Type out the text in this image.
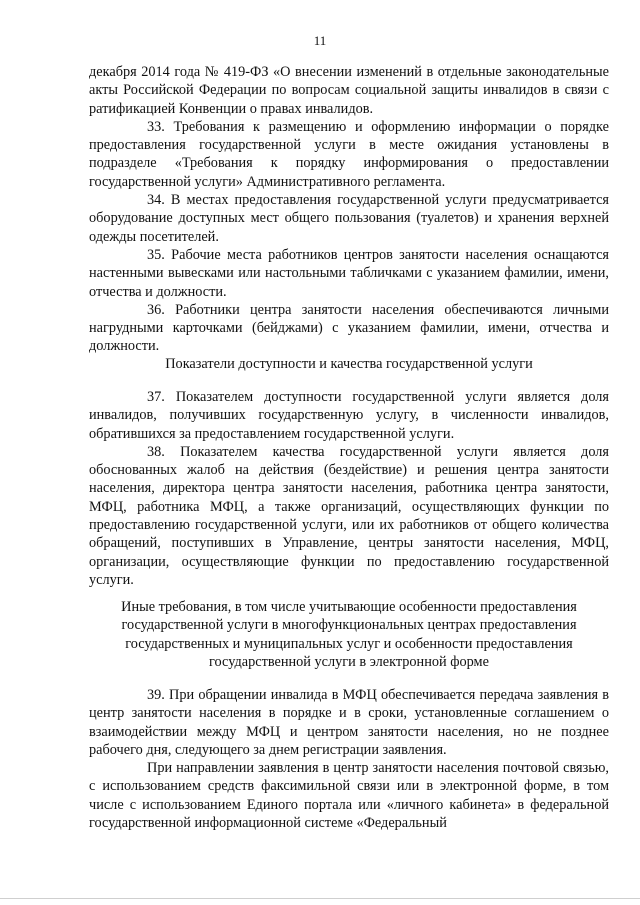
11

декабря 2014 года № 419-ФЗ «О внесении изменений в отдельные законодательные акты Российской Федерации по вопросам социальной защиты инвалидов в связи с ратификацией Конвенции о правах инвалидов.

33. Требования к размещению и оформлению информации о порядке предоставления государственной услуги в месте ожидания установлены в подразделе «Требования к порядку информирования о предоставлении государственной услуги» Административного регламента.

34. В местах предоставления государственной услуги предусматривается оборудование доступных мест общего пользования (туалетов) и хранения верхней одежды посетителей.

35. Рабочие места работников центров занятости населения оснащаются настенными вывесками или настольными табличками с указанием фамилии, имени, отчества и должности.

36. Работники центра занятости населения обеспечиваются личными нагрудными карточками (бейджами) с указанием фамилии, имени, отчества и должности.

Показатели доступности и качества государственной услуги

37. Показателем доступности государственной услуги является доля инвалидов, получивших государственную услугу, в численности инвалидов, обратившихся за предоставлением государственной услуги.

38. Показателем качества государственной услуги является доля обоснованных жалоб на действия (бездействие) и решения центра занятости населения, директора центра занятости населения, работника центра занятости, МФЦ, работника МФЦ, а также организаций, осуществляющих функции по предоставлению государственной услуги, или их работников от общего количества обращений, поступивших в Управление, центры занятости населения, МФЦ, организации, осуществляющие функции по предоставлению государственной услуги.

Иные требования, в том числе учитывающие особенности предоставления государственной услуги в многофункциональных центрах предоставления государственных и муниципальных услуг и особенности предоставления государственной услуги в электронной форме

39. При обращении инвалида в МФЦ обеспечивается передача заявления в центр занятости населения в порядке и в сроки, установленные соглашением о взаимодействии между МФЦ и центром занятости населения, но не позднее рабочего дня, следующего за днем регистрации заявления.

При направлении заявления в центр занятости населения почтовой связью, с использованием средств факсимильной связи или в электронной форме, в том числе с использованием Единого портала или «личного кабинета» в федеральной государственной информационной системе «Федеральный
